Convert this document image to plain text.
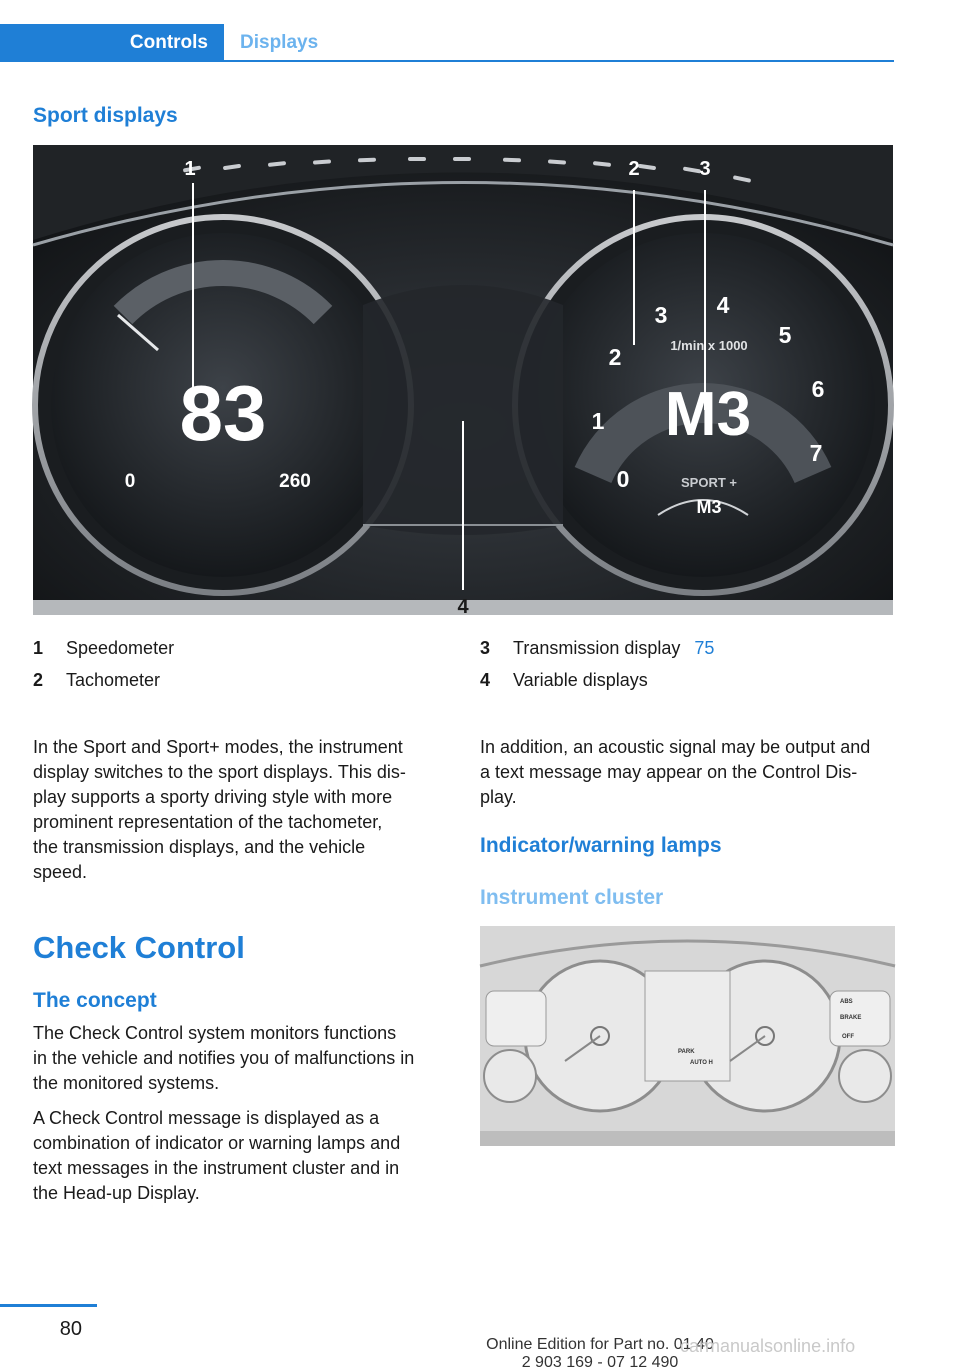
Controls	Displays
Sport displays
83
0	260
M3
1/min x 1000
0
1
2
3 4
5
6
7
SPORT +
M3
1	2	3
4
1	Speedometer
2	Tachometer
3	Transmission display 75
4	Variable displays
In the Sport and Sport+ modes, the instrument
display switches to the sport displays. This dis-
play supports a sporty driving style with more
prominent representation of the tachometer,
the transmission displays, and the vehicle
speed.
Check Control
The concept
The Check Control system monitors functions
in the vehicle and notifies you of malfunctions in
the monitored systems.
A Check Control message is displayed as a
combination of indicator or warning lamps and
text messages in the instrument cluster and in
the Head-up Display.
In addition, an acoustic signal may be output and
a text message may appear on the Control Dis-
play.
Indicator/warning lamps
Instrument cluster
ABS
BRAKE
PARK
AUTO H
OFF
80
Online Edition for Part no. 01 40 2 903 169 - 07 12 490
carmanualsonline.info
